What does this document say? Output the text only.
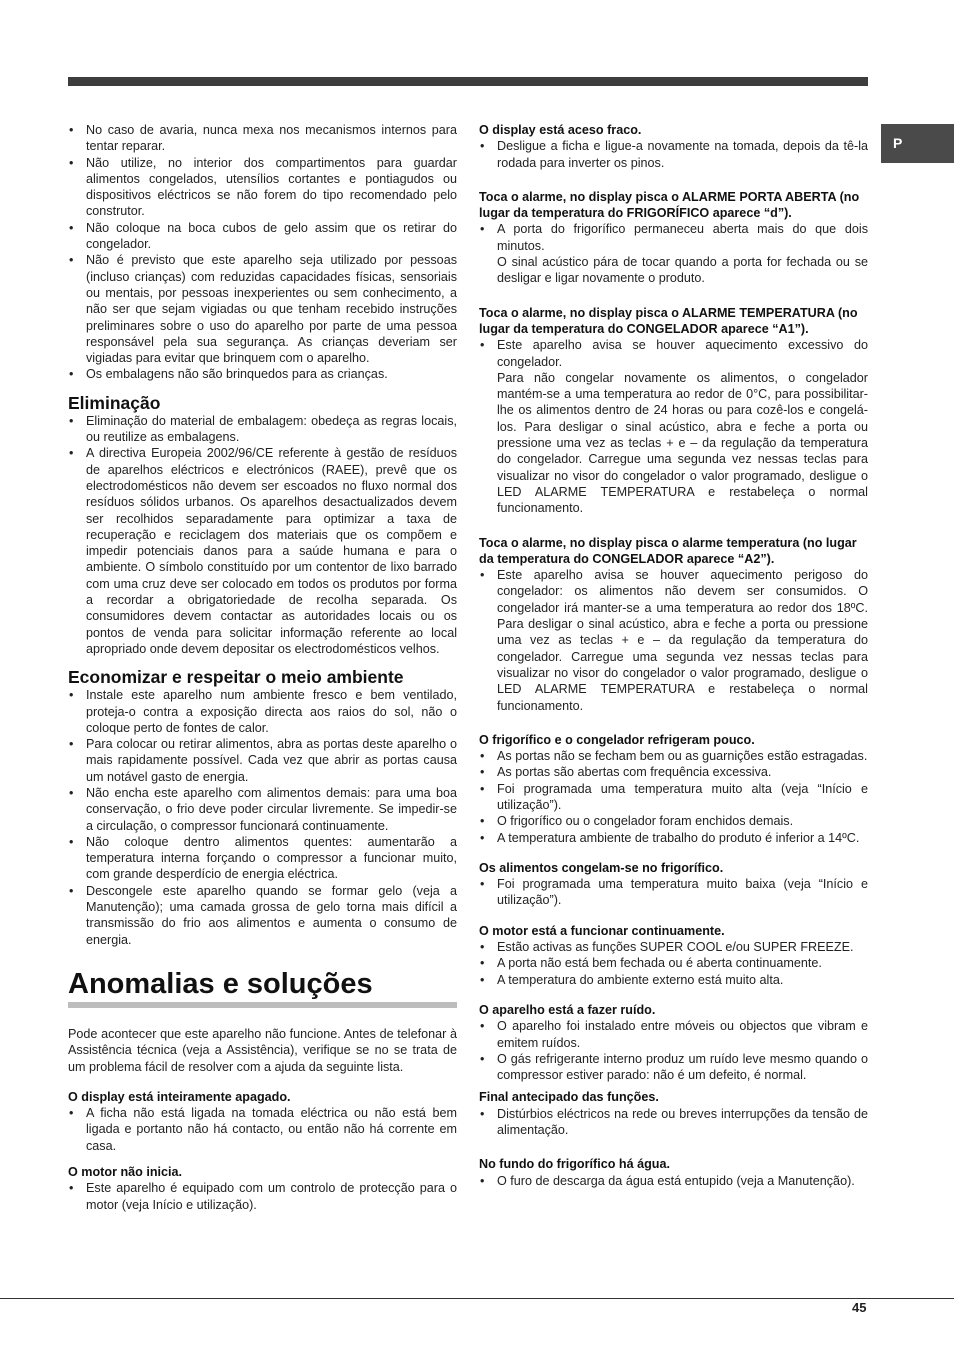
P
• No caso de avaria, nunca mexa nos mecanismos internos para tentar reparar.
• Não utilize, no interior dos compartimentos para guardar alimentos congelados, utensílios cortantes e pontiagudos ou dispositivos eléctricos se não forem do tipo recomendado pelo construtor.
• Não coloque na boca cubos de gelo assim que os retirar do congelador.
• Não é previsto que este aparelho seja utilizado por pessoas (incluso crianças) com reduzidas capacidades físicas, sensoriais ou mentais, por pessoas inexperientes ou sem conhecimento, a não ser que sejam vigiadas ou que tenham recebido instruções preliminares sobre o uso do aparelho por parte de uma pessoa responsável pela sua segurança. As crianças deveriam ser vigiadas para evitar que brinquem com o aparelho.
• Os embalagens não são brinquedos para as crianças.
Eliminação
• Eliminação do material de embalagem: obedeça as regras locais, ou reutilize as embalagens.
• A directiva Europeia 2002/96/CE referente à gestão de resíduos de aparelhos eléctricos e electrónicos (RAEE), prevê que os electrodomésticos não devem ser escoados no fluxo normal dos resíduos sólidos urbanos. Os aparelhos desactualizados devem ser recolhidos separadamente para optimizar a taxa de recuperação e reciclagem dos materiais que os compõem e impedir potenciais danos para a saúde humana e para o ambiente. O símbolo constituído por um contentor de lixo barrado com uma cruz deve ser colocado em todos os produtos por forma a recordar a obrigatoriedade de recolha separada. Os consumidores devem contactar as autoridades locais ou os pontos de venda para solicitar informação referente ao local apropriado onde devem depositar os electrodomésticos velhos.
Economizar e respeitar o meio ambiente
• Instale este aparelho num ambiente fresco e bem ventilado, proteja-o contra a exposição directa aos raios do sol, não o coloque perto de fontes de calor.
• Para colocar ou retirar alimentos, abra as portas deste aparelho o mais rapidamente possível. Cada vez que abrir as portas causa um notável gasto de energia.
• Não encha este aparelho com alimentos demais: para uma boa conservação, o frio deve poder circular livremente. Se impedir-se a circulação, o compressor funcionará continuamente.
• Não coloque dentro alimentos quentes: aumentarão a temperatura interna forçando o compressor a funcionar muito, com grande desperdício de energia eléctrica.
• Descongele este aparelho quando se formar gelo (veja a Manutenção); uma camada grossa de gelo torna mais difícil a transmissão do frio aos alimentos e aumenta o consumo de energia.
Anomalias e soluções

Pode acontecer que este aparelho não funcione. Antes de telefonar à Assistência técnica (veja a Assistência), verifique se no se trata de um problema fácil de resolver com a ajuda da seguinte lista.

O display está inteiramente apagado.
• A ficha não está ligada na tomada eléctrica ou não está bem ligada e portanto não há contacto, ou então não há corrente em casa.
O motor não inicia.
• Este aparelho é equipado com um controlo de protecção para o motor (veja Início e utilização).
O display está aceso fraco.
• Desligue a ficha e ligue-a novamente na tomada, depois da tê-la rodada para inverter os pinos.
Toca o alarme, no display pisca o ALARME PORTA ABERTA (no lugar da temperatura do FRIGORÍFICO aparece “d”).
• A porta do frigorífico permaneceu aberta mais do que dois minutos.
O sinal acústico pára de tocar quando a porta for fechada ou se desligar e ligar novamente o produto.
Toca o alarme, no display pisca o ALARME TEMPERATURA (no lugar da temperatura do CONGELADOR aparece “A1”).
• Este aparelho avisa se houver aquecimento excessivo do congelador.
Para não congelar novamente os alimentos, o congelador mantém-se a uma temperatura ao redor de 0°C, para possibilitar-lhe os alimentos dentro de 24 horas ou para cozê-los e congelá-los. Para desligar o sinal acústico, abra e feche a porta ou pressione uma vez as teclas + e – da regulação da temperatura do congelador. Carregue uma segunda vez nessas teclas para visualizar no visor do congelador o valor programado, desligue o LED ALARME TEMPERATURA e restabeleça o normal funcionamento.
Toca o alarme, no display pisca o alarme temperatura (no lugar da temperatura do CONGELADOR aparece “A2”).
• Este aparelho avisa se houver aquecimento perigoso do congelador: os alimentos não devem ser consumidos. O congelador irá manter-se a uma temperatura ao redor dos 18ºC. Para desligar o sinal acústico, abra e feche a porta ou pressione uma vez as teclas + e – da regulação da temperatura do congelador. Carregue uma segunda vez nessas teclas para visualizar no visor do congelador o valor programado, desligue o LED ALARME TEMPERATURA e restabeleça o normal funcionamento.
O frigorífico e o congelador refrigeram pouco.
• As portas não se fecham bem ou as guarnições estão estragadas.
• As portas são abertas com frequência excessiva.
• Foi programada uma temperatura muito alta (veja “Início e utilização”).
• O frigorífico ou o congelador foram enchidos demais.
• A temperatura ambiente de trabalho do produto é inferior a 14ºC.
Os alimentos congelam-se no frigorífico.
• Foi programada uma temperatura muito baixa (veja “Início e utilização”).
O motor está a funcionar continuamente.
• Estão activas as funções SUPER COOL e/ou SUPER FREEZE.
• A porta não está bem fechada ou é aberta continuamente.
• A temperatura do ambiente externo está muito alta.
O aparelho está a fazer ruído.
• O aparelho foi instalado entre móveis ou objectos que vibram e emitem ruídos.
• O gás refrigerante interno produz um ruído leve mesmo quando o compressor estiver parado: não é um defeito, é normal.
Final antecipado das funções.
• Distúrbios eléctricos na rede ou breves interrupções da tensão de alimentação.
No fundo do frigorífico há água.
• O furo de descarga da água está entupido (veja a Manutenção).
45
